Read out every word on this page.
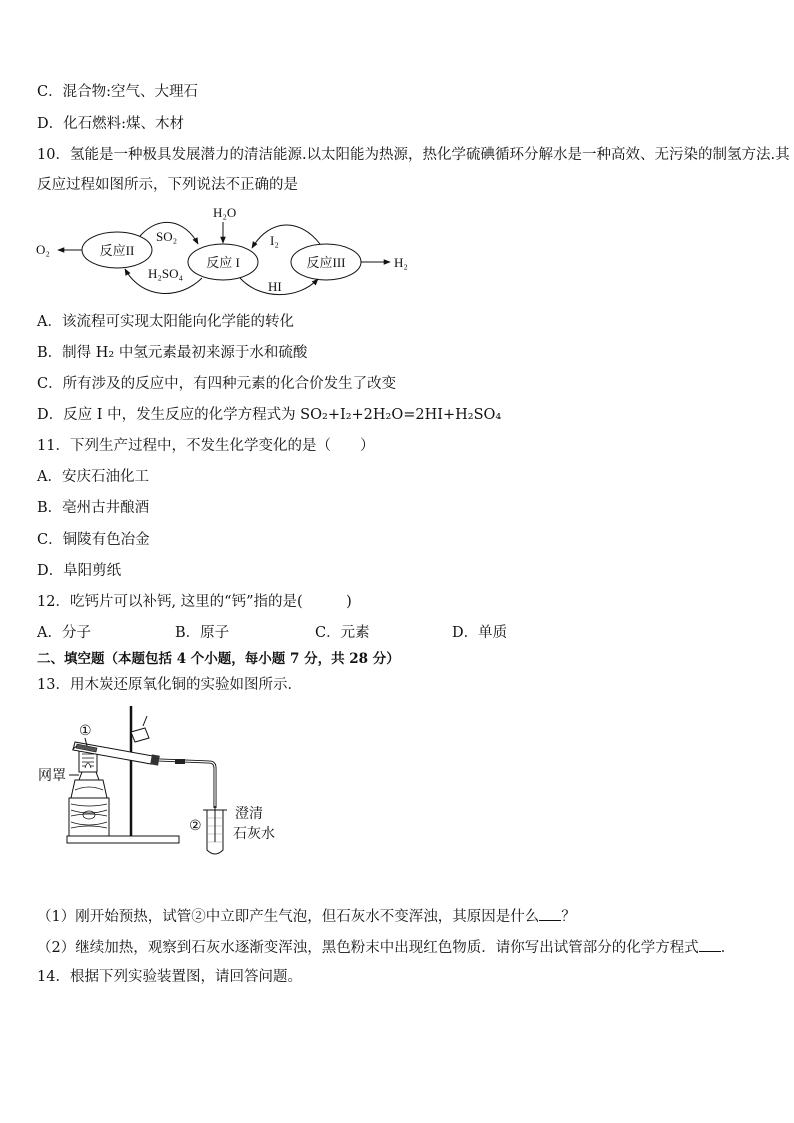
C．混合物:空气、大理石
D．化石燃料:煤、木材
10．氢能是一种极具发展潜力的清洁能源.以太阳能为热源，热化学硫碘循环分解水是一种高效、无污染的制氢方法.其
反应过程如图所示，下列说法不正确的是
反应II
反应 I	反应III
O₂
H₂
H₂O
SO₂
H₂SO₄
I₂
HI
A．该流程可实现太阳能向化学能的转化
B．制得 H₂ 中氢元素最初来源于水和硫酸
C．所有涉及的反应中，有四种元素的化合价发生了改变
D．反应 I 中，发生反应的化学方程式为 SO₂+I₂+2H₂O=2HI+H₂SO₄
11．下列生产过程中，不发生化学变化的是（　　）
A．安庆石油化工
B．亳州古井酿酒
C．铜陵有色冶金
D．阜阳剪纸
12．吃钙片可以补钙, 这里的“钙”指的是(　　　)
A．分子	B．原子	C．元素	D．单质
二、填空题（本题包括 4 个小题，每小题 7 分，共 28 分）
13．用木炭还原氧化铜的实验如图所示．
①
网罩
②
澄清
石灰水
（1）刚开始预热，试管②中立即产生气泡，但石灰水不变浑浊，其原因是什么 ？
（2）继续加热，观察到石灰水逐渐变浑浊，黑色粉末中出现红色物质．请你写出试管部分的化学方程式 ．
14．根据下列实验装置图，请回答问题。
